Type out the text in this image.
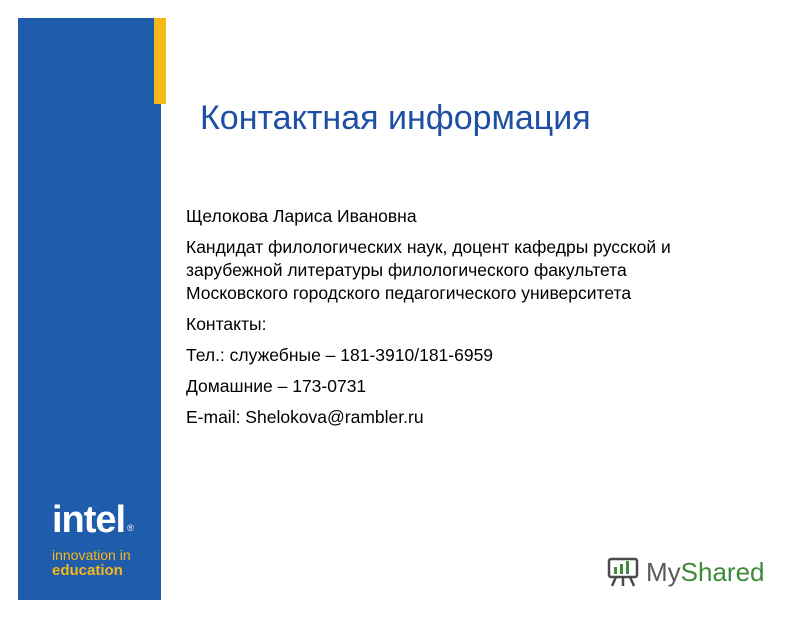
intel ®
innovation in
education
Контактная информация

Щелокова Лариса Ивановна

Кандидат филологических наук, доцент кафедры русской и зарубежной литературы филологического факультета Московского городского педагогического университета

Контакты:

Тел.: служебные – 181-3910/181-6959

Домашние – 173-0731

E-mail: Shelokova@rambler.ru

MyShared
